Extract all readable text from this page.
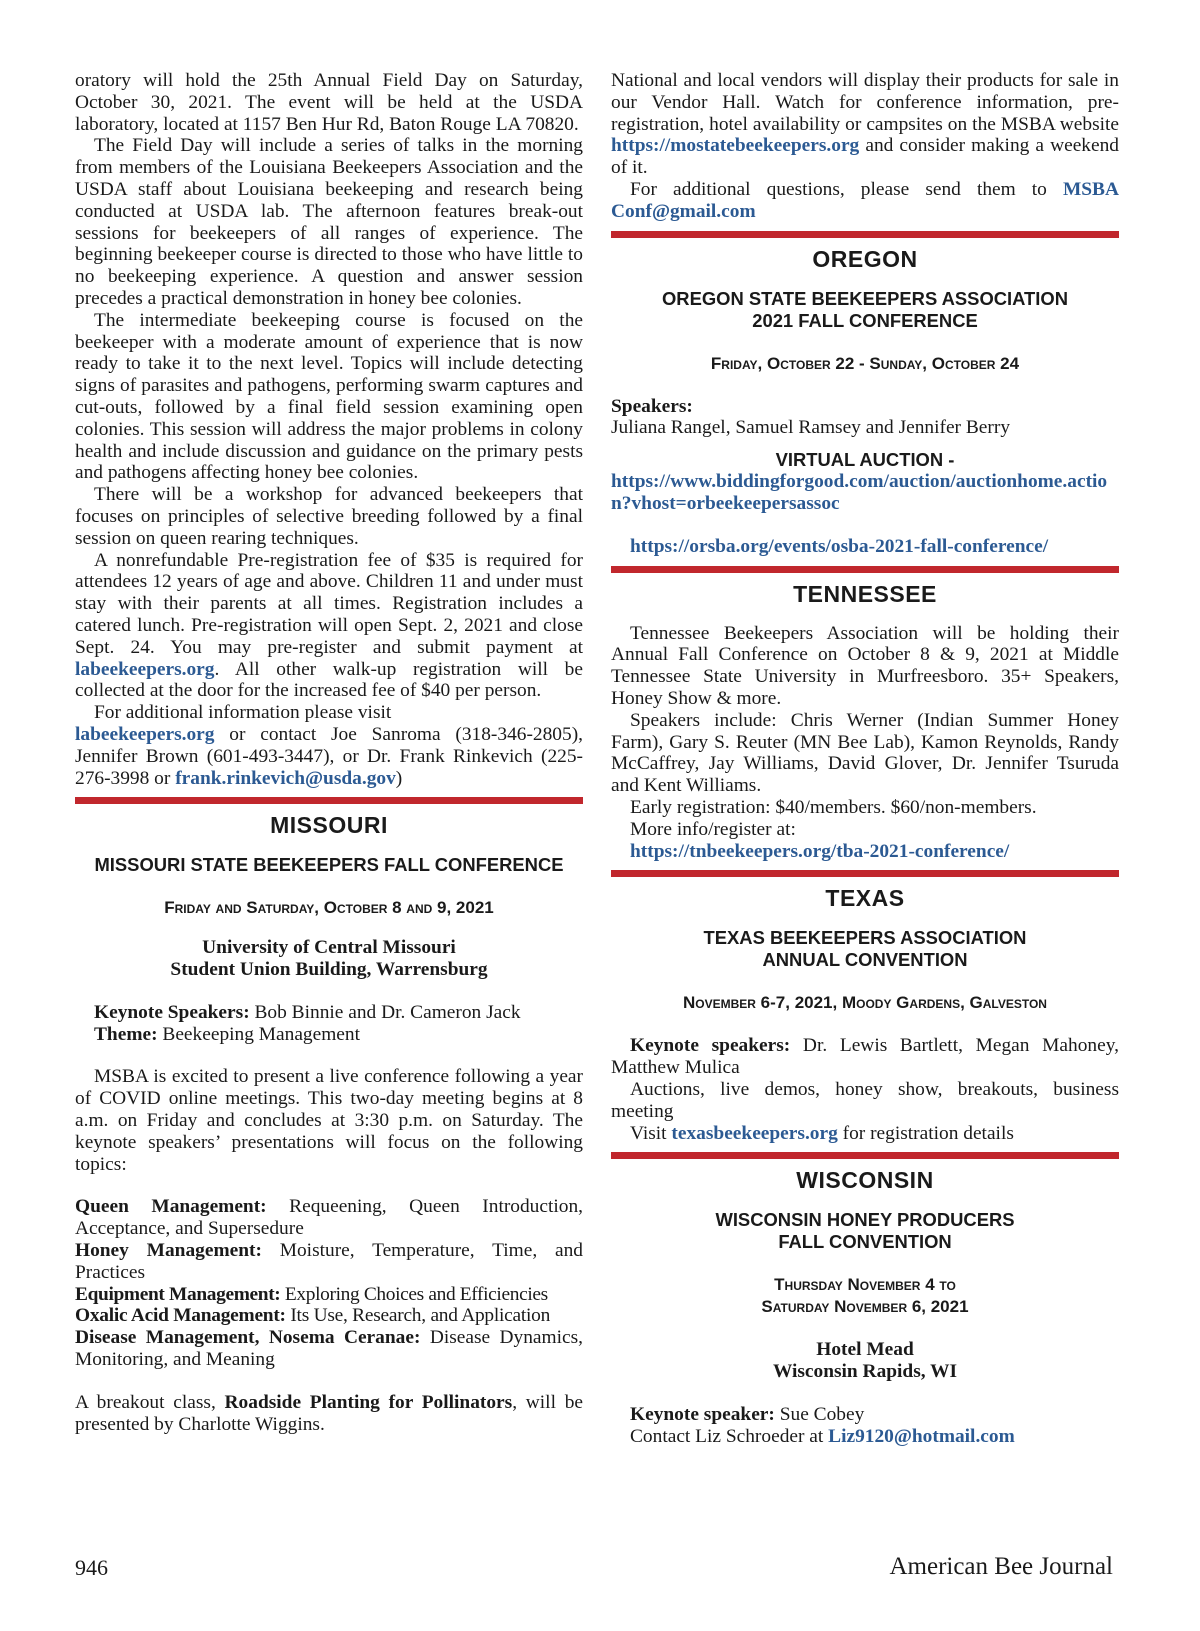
oratory will hold the 25th Annual Field Day on Saturday, October 30, 2021. The event will be held at the USDA laboratory, located at 1157 Ben Hur Rd, Baton Rouge LA 70820.

The Field Day will include a series of talks in the morning from members of the Louisiana Beekeepers Association and the USDA staff about Louisiana beekeeping and research being conducted at USDA lab. The afternoon features break-out sessions for beekeepers of all ranges of experience. The beginning beekeeper course is directed to those who have little to no beekeeping experience. A question and answer session precedes a practical demonstration in honey bee colonies.

The intermediate beekeeping course is focused on the beekeeper with a moderate amount of experience that is now ready to take it to the next level. Topics will include detecting signs of parasites and pathogens, performing swarm captures and cut-outs, followed by a final field session examining open colonies. This session will address the major problems in colony health and include discussion and guidance on the primary pests and pathogens affecting honey bee colonies.

There will be a workshop for advanced beekeepers that focuses on principles of selective breeding followed by a final session on queen rearing techniques.

A nonrefundable Pre-registration fee of $35 is required for attendees 12 years of age and above. Children 11 and under must stay with their parents at all times. Registration includes a catered lunch. Pre-registration will open Sept. 2, 2021 and close Sept. 24. You may pre-register and submit payment at labeekeepers.org. All other walk-up registration will be collected at the door for the increased fee of $40 per person.

For additional information please visit

labeekeepers.org or contact Joe Sanroma (318-346-2805), Jennifer Brown (601-493-3447), or Dr. Frank Rinkevich (225-276-3998 or frank.rinkevich@usda.gov)

MISSOURI
MISSOURI STATE BEEKEEPERS FALL CONFERENCE
Friday and Saturday, October 8 and 9, 2021
University of Central Missouri
Student Union Building, Warrensburg

Keynote Speakers: Bob Binnie and Dr. Cameron Jack

Theme: Beekeeping Management

MSBA is excited to present a live conference following a year of COVID online meetings. This two-day meeting begins at 8 a.m. on Friday and concludes at 3:30 p.m. on Saturday. The keynote speakers’ presentations will focus on the following topics:

Queen Management: Requeening, Queen Introduction, Acceptance, and Supersedure

Honey Management: Moisture, Temperature, Time, and Practices

Equipment Management: Exploring Choices and Efficiencies

Oxalic Acid Management: Its Use, Research, and Application

Disease Management, Nosema Ceranae: Disease Dynamics, Monitoring, and Meaning

A breakout class, Roadside Planting for Pollinators, will be presented by Charlotte Wiggins.

National and local vendors will display their products for sale in our Vendor Hall. Watch for conference information, pre-registration, hotel availability or campsites on the MSBA website https://mostatebeekeepers.org and consider making a weekend of it.

For additional questions, please send them to MSBA Conf@gmail.com

OREGON
OREGON STATE BEEKEEPERS ASSOCIATION
2021 FALL CONFERENCE
Friday, October 22 - Sunday, October 24

Speakers:

Juliana Rangel, Samuel Ramsey and Jennifer Berry

VIRTUAL AUCTION -

https://www.biddingforgood.com/auction/auctionhome.action?vhost=orbeekeepersassoc

https://orsba.org/events/osba-2021-fall-conference/

TENNESSEE

Tennessee Beekeepers Association will be holding their Annual Fall Conference on October 8 & 9, 2021 at Middle Tennessee State University in Murfreesboro. 35+ Speakers, Honey Show & more.

Speakers include: Chris Werner (Indian Summer Honey Farm), Gary S. Reuter (MN Bee Lab), Kamon Reynolds, Randy McCaffrey, Jay Williams, David Glover, Dr. Jennifer Tsuruda and Kent Williams.

Early registration: $40/members. $60/non-members.

More info/register at:

https://tnbeekeepers.org/tba-2021-conference/

TEXAS
TEXAS BEEKEEPERS ASSOCIATION
ANNUAL CONVENTION
November 6-7, 2021, Moody Gardens, Galveston

Keynote speakers: Dr. Lewis Bartlett, Megan Mahoney, Matthew Mulica

Auctions, live demos, honey show, breakouts, business meeting

Visit texasbeekeepers.org for registration details

WISCONSIN
WISCONSIN HONEY PRODUCERS
FALL CONVENTION
Thursday November 4 to
Saturday November 6, 2021
Hotel Mead
Wisconsin Rapids, WI

Keynote speaker: Sue Cobey

Contact Liz Schroeder at Liz9120@hotmail.com

946	American Bee Journal
